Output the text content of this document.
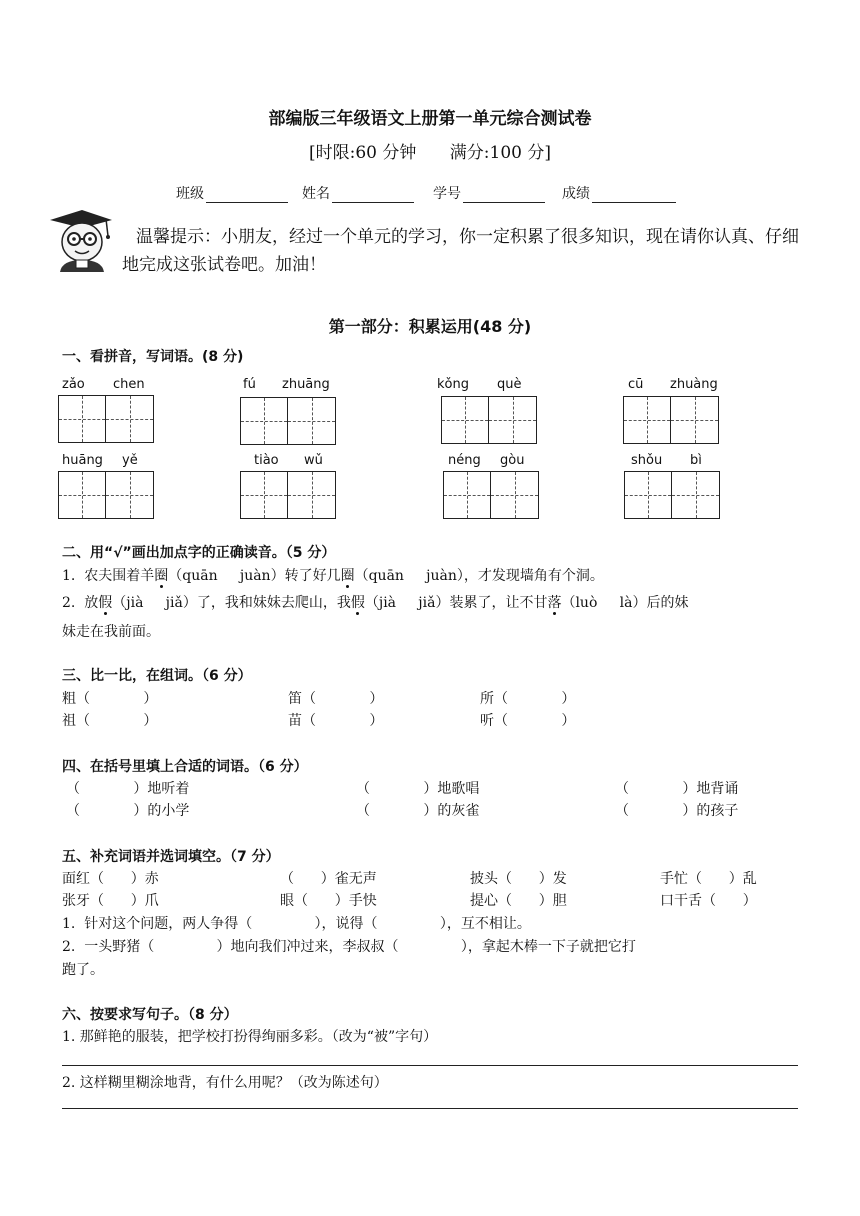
部编版三年级语文上册第一单元综合测试卷
[时限:60 分钟 满分:100 分]
班级	姓名	学号	成绩
温馨提示：小朋友，经过一个单元的学习，你一定积累了很多知识，现在请你认真、仔细地完成这张试卷吧。加油！
第一部分：积累运用(48 分)
一、看拼音，写词语。(8 分)
zǎo chen	fú zhuāng	kǒng què	cū zhuàng
huāng yě	tiào wǔ	néng gòu	shǒu bì
二、用“√”画出加点字的正确读音。（5 分）
1.  农夫围着羊圈（quān     juàn）转了好几圈（quān     juàn），才发现墙角有个洞。
2.  放假（jià     jiǎ）了，我和妹妹去爬山，我假（jià     jiǎ）装累了，让不甘落（luò     là）后的妹
妹走在我前面。
三、比一比，在组词。（6 分）
粗（            ）	笛（            ）	所（            ）
祖（            ）	苗（            ）	听（            ）
四、在括号里填上合适的词语。（6 分）
（            ）地听着	（            ）地歌唱	（            ）地背诵
（            ）的小学	（            ）的灰雀	（            ）的孩子
五、补充词语并选词填空。（7 分）
面红（      ）赤	（      ）雀无声	披头（      ）发	手忙（      ）乱
张牙（      ）爪	眼（      ）手快	提心（      ）胆	口干舌（      ）
1.  针对这个问题，两人争得（              ），说得（              ），互不相让。
2.  一头野猪（              ）地向我们冲过来，李叔叔（              ），拿起木棒一下子就把它打
跑了。
六、按要求写句子。（8 分）
1. 那鲜艳的服装，把学校打扮得绚丽多彩。（改为“被”字句）
2. 这样糊里糊涂地背，有什么用呢？（改为陈述句）
